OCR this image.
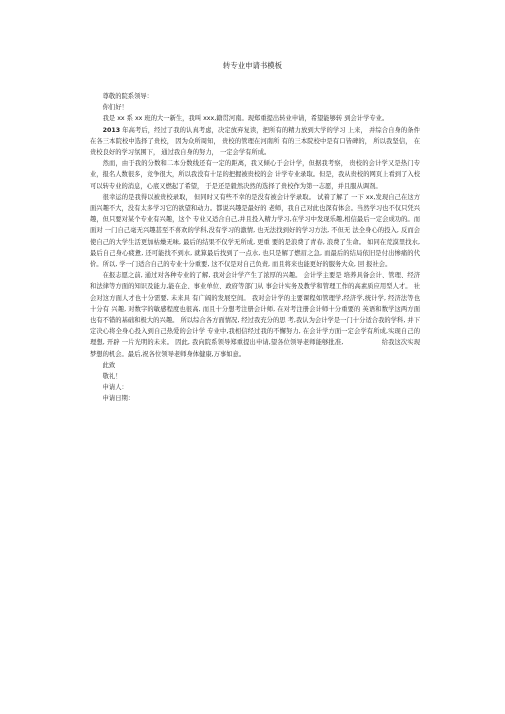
转专业申请书模板

尊敬的院系领导：

你们好！

我是 xx 系 xx 班的大一新生，我叫 xxx,籍贯河南。现郑重提出转业申请，希望能够转 到会计学专业。

2013 年高考后，经过了我的认真考虑，决定放弃复读，把所有的精力放到大学的学习 上来， 并综合自身的条件在各三本院校中选择了贵校， 因为众所周知， 贵校的管理在河南所 有的三本院校中是有口皆碑的， 所以我坚信， 在贵校良好的学习氛围下， 通过我自身的努力， 一定会学有所成。

然而，由于我的分数和二本分数线还有一定的距离，我又倾心于会计学，但据我考察， 贵校的会计学又是热门专业，报名人数很多，竞争很大，所以我没有十足的把握被贵校的会 计学专业录取。但是，我从贵校的网页上看到了入校可以转专业的消息，心底又燃起了希望， 于是还是毅然决然的选择了贵校作为第一志愿，并且服从调剂。

很幸运的是我得以被贵校录取， 但同时又有些不幸的是没有被会计学录取。 试着了解了 一下 xx,发现自己在这方面兴趣不大，没有太多学习它的欲望和动力。都说兴趣是最好的 老师，我自己对此也深有体会。当然学习也不仅只凭兴趣，但只要对某个专业有兴趣，这个 专业又适合自己,并且投入精力学习,在学习中发现乐趣,相信最后一定会成功的。而面对 一门自己毫无兴趣甚至不喜欢的学科,没有学习的激情, 也无法找到好的学习方法, 不但无 法全身心的投入, 反而会使自己的大学生活更加枯燥无味, 最后的结果不仅学无所成, 更重 要的是浪费了青春, 浪费了生命。 如同在荒漠里找水, 最后自己身心疲惫, 还可能找不到水, 就算最后找到了一点水, 也只是解了燃眉之急, 而最后的结局依旧是付出惨痛的代价。所以, 学一门适合自己的专业十分重要, 这不仅是对自己负责, 而且将来也能更好的服务大众, 回 报社会。

在报志愿之前, 通过对各种专业的了解, 我对会计学产生了浓厚的兴趣。 会计学主要是 培养具备会计、管理、经济和法律等方面的知识及能力,能在企、事业单位、政府等部门从 事会计实务及教学和管理工作的高素质应用型人才。 社会对这方面人才也十分需要, 未来具 有广阔的发展空间。 我对会计学的主要课程如管理学,经济学,统计学, 经济法等也十分有 兴趣, 对数字的敏感程度也很高, 而且十分想考注册会计师, 在对考注册会计师十分重要的 英语和数学这两方面也有不错的基础和极大的兴趣。 所以综合各方面情况, 经过我充分的思 考,我认为会计学是一门十分适合我的学科, 并下定决心将全身心投入到自己热爱的会计学 专业中,我相信经过我的不懈努力, 在会计学方面一定会学有所成,实现自己的理想, 开辟 一片光明的未来。 因此, 我向院系领导郑重提出申请,望各位领导老师能够批准,　　　　　　给我这次实现梦想的机会。最后,祝各位领导老师身体健康,万事如意。

此致

敬礼！

申请人：

申请日期：
